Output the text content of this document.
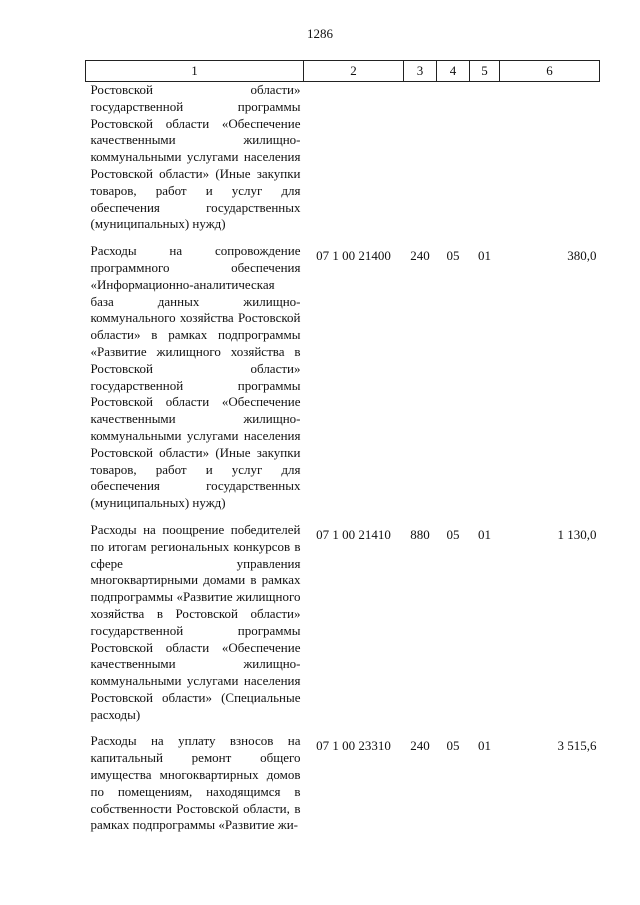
1286
1	2	3	4	5	6
Ростовской области» государственной программы Ростовской области «Обеспечение качественными жилищно-коммунальными услугами населения Ростовской области» (Иные закупки товаров, работ и услуг для обеспечения государственных (муниципальных) нужд)					
Расходы на сопровождение программного обеспечения «Информационно-аналитическая база данных жилищно-коммунального хозяйства Ростовской области» в рамках подпрограммы «Развитие жилищного хозяйства в Ростовской области» государственной программы Ростовской области «Обеспечение качественными жилищно-коммунальными услугами населения Ростовской области» (Иные закупки товаров, работ и услуг для обеспечения государственных (муниципальных) нужд)	07 1 00 21400	240	05	01	380,0
Расходы на поощрение победителей по итогам региональных конкурсов в сфере управления многоквартирными домами в рамках подпрограммы «Развитие жилищного хозяйства в Ростовской области» государственной программы Ростовской области «Обеспечение качественными жилищно-коммунальными услугами населения Ростовской области» (Специальные расходы)	07 1 00 21410	880	05	01	1 130,0
Расходы на уплату взносов на капитальный ремонт общего имущества многоквартирных домов по помещениям, находящимся в собственности Ростовской области, в рамках подпрограммы «Развитие жи-	07 1 00 23310	240	05	01	3 515,6
